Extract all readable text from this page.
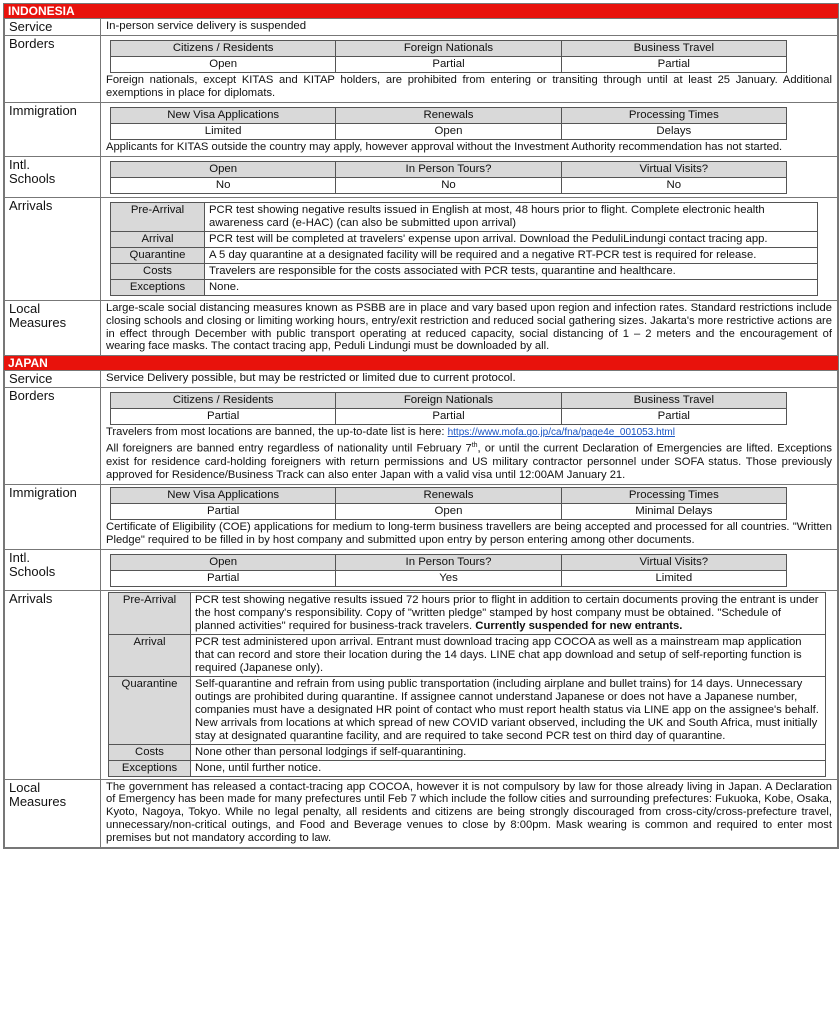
INDONESIA
Service	In-person service delivery is suspended
Borders		Citizens / Residents	Foreign Nationals	Business Travel
Open	Partial	Partial
Foreign nationals, except KITAS and KITAP holders, are prohibited from entering or transiting through until at least 25 January. Additional exemptions in place for diplomats.

Immigration		New Visa Applications	Renewals	Processing Times
Limited	Open	Delays
Applicants for KITAS outside the country may apply, however approval without the Investment Authority recommendation has not started.

Intl.
Schools	
Open	In Person Tours?	Virtual Visits?
No	No	No

Arrivals		Pre-Arrival	PCR test showing negative results issued in English at most, 48 hours prior to flight. Complete electronic health awareness card (e-HAC) (can also be submitted upon arrival)
Arrival	PCR test will be completed at travelers' expense upon arrival. Download the PeduliLindungi contact tracing app.
Quarantine	A 5 day quarantine at a designated facility will be required and a negative RT-PCR test is required for release.
Costs	Travelers are responsible for the costs associated with PCR tests, quarantine and healthcare.
Exceptions	None.

Local
Measures	
Large-scale social distancing measures known as PSBB are in place and vary based upon region and infection rates. Standard restrictions include closing schools and closing or limiting working hours, entry/exit restriction and reduced social gathering sizes. Jakarta's more restrictive actions are in effect through December with public transport operating at reduced capacity, social distancing of 1 – 2 meters and the encouragement of wearing face masks. The contact tracing app, Peduli Lindungi must be downloaded by all.
JAPAN
Service	Service Delivery possible, but may be restricted or limited due to current protocol.
Borders		Citizens / Residents	Foreign Nationals	Business Travel
Partial	Partial	Partial
Travelers from most locations are banned, the up-to-date list is here: https://www.mofa.go.jp/ca/fna/page4e_001053.html
All foreigners are banned entry regardless of nationality until February 7th, or until the current Declaration of Emergencies are lifted. Exceptions exist for residence card-holding foreigners with return permissions and US military contractor personnel under SOFA status. Those previously approved for Residence/Business Track can also enter Japan with a valid visa until 12:00AM January 21.

Immigration		New Visa Applications	Renewals	Processing Times
Partial	Open	Minimal Delays
Certificate of Eligibility (COE) applications for medium to long-term business travellers are being accepted and processed for all countries. "Written Pledge" required to be filled in by host company and submitted upon entry by person entering among other documents.

Intl.
Schools	
Open	In Person Tours?	Virtual Visits?
Partial	Yes	Limited

Arrivals		Pre-Arrival	PCR test showing negative results issued 72 hours prior to flight in addition to certain documents proving the entrant is under the host company's responsibility. Copy of "written pledge" stamped by host company must be obtained. "Schedule of planned activities" required for business-track travelers. Currently suspended for new entrants.
Arrival	PCR test administered upon arrival. Entrant must download tracing app COCOA as well as a mainstream map application that can record and store their location during the 14 days. LINE chat app download and setup of self-reporting function is required (Japanese only).
Quarantine	Self-quarantine and refrain from using public transportation (including airplane and bullet trains) for 14 days. Unnecessary outings are prohibited during quarantine. If assignee cannot understand Japanese or does not have a Japanese number, companies must have a designated HR point of contact who must report health status via LINE app on the assignee's behalf. New arrivals from locations at which spread of new COVID variant observed, including the UK and South Africa, must initially stay at designated quarantine facility, and are required to take second PCR test on third day of quarantine.
Costs	None other than personal lodgings if self-quarantining.
Exceptions	None, until further notice.

Local
Measures	
The government has released a contact-tracing app COCOA, however it is not compulsory by law for those already living in Japan. A Declaration of Emergency has been made for many prefectures until Feb 7 which include the follow cities and surrounding prefectures: Fukuoka, Kobe, Osaka, Kyoto, Nagoya, Tokyo. While no legal penalty, all residents and citizens are being strongly discouraged from cross-city/cross-prefecture travel, unnecessary/non-critical outings, and Food and Beverage venues to close by 8:00pm. Mask wearing is common and required to enter most premises but not mandatory according to law.
